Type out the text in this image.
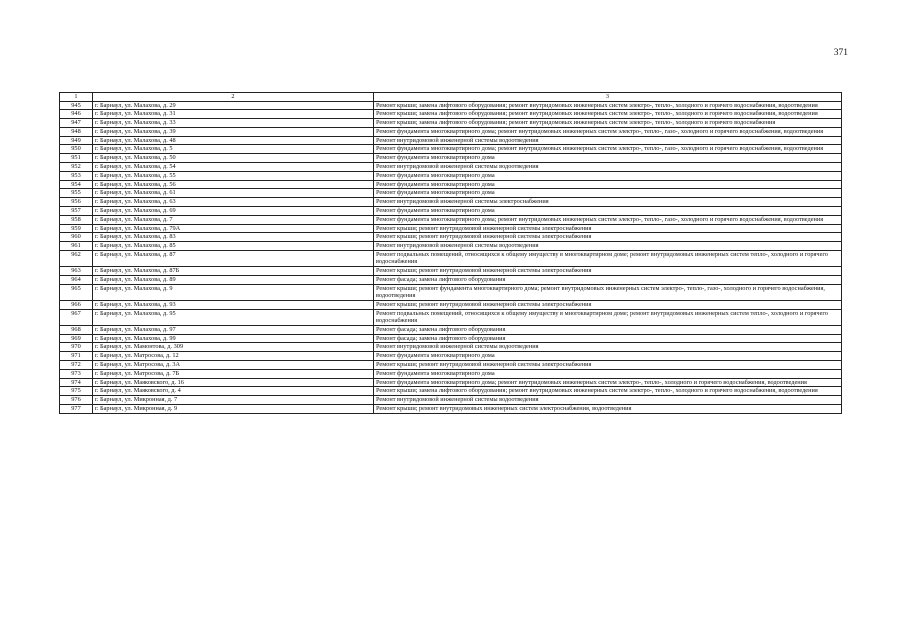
371
1	2	3
945	г. Барнаул, ул. Малахова, д. 29	Ремонт крыши; замена лифтового оборудования; ремонт внутридомовых инженерных систем электро-, тепло-, холодного и горячего водоснабжения, водоотведения
946	г. Барнаул, ул. Малахова, д. 31	Ремонт крыши; замена лифтового оборудования; ремонт внутридомовых инженерных систем электро-, тепло-, холодного и горячего водоснабжения, водоотведения
947	г. Барнаул, ул. Малахова, д. 33	Ремонт крыши; замена лифтового оборудования; ремонт внутридомовых инженерных систем электро-, тепло-, холодного и горячего водоснабжения
948	г. Барнаул, ул. Малахова, д. 39	Ремонт фундамента многоквартирного дома; ремонт внутридомовых инженерных систем электро-, тепло-, газо-, холодного и горячего водоснабжения, водоотведения
949	г. Барнаул, ул. Малахова, д. 48	Ремонт внутридомовой инженерной системы водоотведения
950	г. Барнаул, ул. Малахова, д. 5	Ремонт фундамента многоквартирного дома; ремонт внутридомовых инженерных систем электро-, тепло-, газо-, холодного и горячего водоснабжения, водоотведения
951	г. Барнаул, ул. Малахова, д. 50	Ремонт фундамента многоквартирного дома
952	г. Барнаул, ул. Малахова, д. 54	Ремонт внутридомовой инженерной системы водоотведения
953	г. Барнаул, ул. Малахова, д. 55	Ремонт фундамента многоквартирного дома
954	г. Барнаул, ул. Малахова, д. 56	Ремонт фундамента многоквартирного дома
955	г. Барнаул, ул. Малахова, д. 61	Ремонт фундамента многоквартирного дома
956	г. Барнаул, ул. Малахова, д. 63	Ремонт внутридомовой инженерной системы электроснабжения
957	г. Барнаул, ул. Малахова, д. 69	Ремонт фундамента многоквартирного дома
958	г. Барнаул, ул. Малахова, д. 7	Ремонт фундамента многоквартирного дома; ремонт внутридомовых инженерных систем электро-, тепло-, газо-, холодного и горячего водоснабжения, водоотведения
959	г. Барнаул, ул. Малахова, д. 79А	Ремонт крыши; ремонт внутридомовой инженерной системы электроснабжения
960	г. Барнаул, ул. Малахова, д. 83	Ремонт крыши; ремонт внутридомовой инженерной системы электроснабжения
961	г. Барнаул, ул. Малахова, д. 85	Ремонт внутридомовой инженерной системы водоотведения
962	г. Барнаул, ул. Малахова, д. 87	Ремонт подвальных помещений, относящихся к общему имуществу в многоквартирном доме; ремонт внутридомовых инженерных систем тепло-, холодного и горячего водоснабжения
963	г. Барнаул, ул. Малахова, д. 87Б	Ремонт крыши; ремонт внутридомовой инженерной системы электроснабжения
964	г. Барнаул, ул. Малахова, д. 89	Ремонт фасада; замена лифтового оборудования
965	г. Барнаул, ул. Малахова, д. 9	Ремонт крыши; ремонт фундамента многоквартирного дома; ремонт внутридомовых инженерных систем электро-, тепло-, газо-, холодного и горячего водоснабжения, водоотведения
966	г. Барнаул, ул. Малахова, д. 93	Ремонт крыши; ремонт внутридомовой инженерной системы электроснабжения
967	г. Барнаул, ул. Малахова, д. 95	Ремонт подвальных помещений, относящихся к общему имуществу в многоквартирном доме; ремонт внутридомовых инженерных систем тепло-, холодного и горячего водоснабжения
968	г. Барнаул, ул. Малахова, д. 97	Ремонт фасада; замена лифтового оборудования
969	г. Барнаул, ул. Малахова, д. 99	Ремонт фасада; замена лифтового оборудования
970	г. Барнаул, ул. Мамонтова, д. 309	Ремонт внутридомовой инженерной системы водоотведения
971	г. Барнаул, ул. Матросова, д. 12	Ремонт фундамента многоквартирного дома
972	г. Барнаул, ул. Матросова, д. 3А	Ремонт крыши; ремонт внутридомовой инженерной системы электроснабжения
973	г. Барнаул, ул. Матросова, д. 7Б	Ремонт фундамента многоквартирного дома
974	г. Барнаул, ул. Маяковского, д. 16	Ремонт фундамента многоквартирного дома; ремонт внутридомовых инженерных систем электро-, тепло-, холодного и горячего водоснабжения, водоотведения
975	г. Барнаул, ул. Маяковского, д. 4	Ремонт крыши; замена лифтового оборудования; ремонт внутридомовых инженерных систем электро-, тепло-, холодного и горячего водоснабжения, водоотведения
976	г. Барнаул, ул. Микронная, д. 7	Ремонт внутридомовой инженерной системы водоотведения
977	г. Барнаул, ул. Микронная, д. 9	Ремонт крыши; ремонт внутридомовых инженерных систем электроснабжения, водоотведения
